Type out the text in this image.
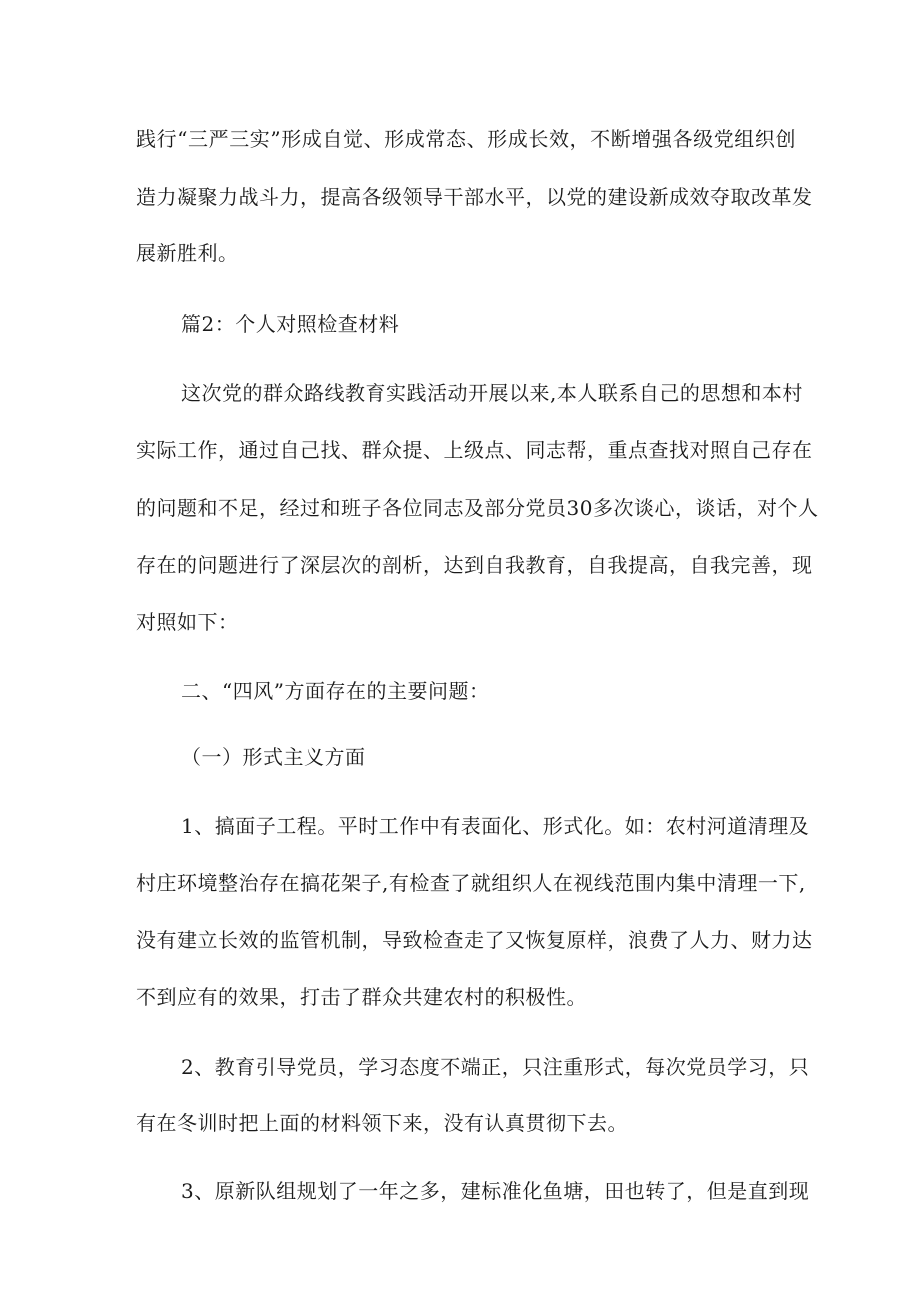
践行“三严三实”形成自觉、形成常态、形成长效，不断增强各级党组织创
造力凝聚力战斗力，提高各级领导干部水平，以党的建设新成效夺取改革发
展新胜利。
篇2：个人对照检查材料
这次党的群众路线教育实践活动开展以来,本人联系自己的思想和本村
实际工作，通过自己找、群众提、上级点、同志帮，重点查找对照自己存在
的问题和不足，经过和班子各位同志及部分党员30多次谈心，谈话，对个人
存在的问题进行了深层次的剖析，达到自我教育，自我提高，自我完善，现
对照如下：
二、“四风”方面存在的主要问题：
（一）形式主义方面
1、搞面子工程。平时工作中有表面化、形式化。如：农村河道清理及
村庄环境整治存在搞花架子,有检查了就组织人在视线范围内集中清理一下,
没有建立长效的监管机制，导致检查走了又恢复原样，浪费了人力、财力达
不到应有的效果，打击了群众共建农村的积极性。
2、教育引导党员，学习态度不端正，只注重形式，每次党员学习，只
有在冬训时把上面的材料领下来，没有认真贯彻下去。
3、原新队组规划了一年之多，建标准化鱼塘，田也转了，但是直到现
